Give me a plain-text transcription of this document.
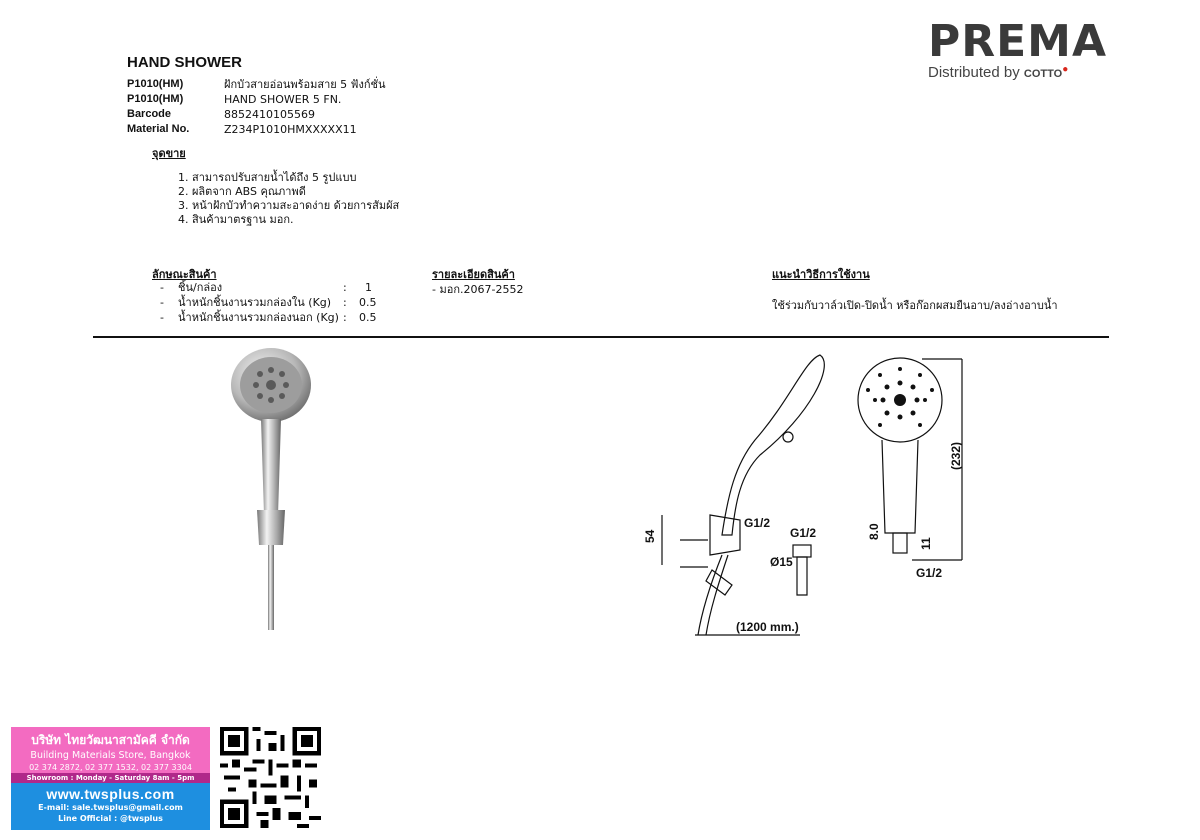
PREMA
Distributed by COTTO●
HAND SHOWER
P1010(HM)	ฝักบัวสายอ่อนพร้อมสาย 5 ฟังก์ชั่น
P1010(HM)	HAND SHOWER 5 FN.
Barcode	8852410105569
Material No.	Z234P1010HMXXXXX11
จุดขาย
1. สามารถปรับสายน้ำได้ถึง 5 รูปแบบ
2. ผลิตจาก ABS คุณภาพดี
3. หน้าฝักบัวทำความสะอาดง่าย ด้วยการสัมผัส
4. สินค้ามาตรฐาน มอก.
ลักษณะสินค้า
-	ชิ้น/กล่อง	:	1
-	น้ำหนักชิ้นงานรวมกล่องใน (Kg)	:	0.5
-	น้ำหนักชิ้นงานรวมกล่องนอก (Kg) :	0.5
รายละเอียดสินค้า
- มอก.2067-2552
แนะนำวิธีการใช้งาน
ใช้ร่วมกับวาล์วเปิด-ปิดน้ำ หรือก๊อกผสมยืนอาบ/ลงอ่างอาบน้ำ
54
G1/2
G1/2
Ø15
(1200 mm.)
(232)
8.0
11
G1/2
บริษัท ไทยวัฒนาสามัคคี จำกัด
Building Materials Store, Bangkok
02 374 2872, 02 377 1532, 02 377 3304
Showroom : Monday - Saturday 8am - 5pm
www.twsplus.com
E-mail: sale.twsplus@gmail.com
Line Official : @twsplus
